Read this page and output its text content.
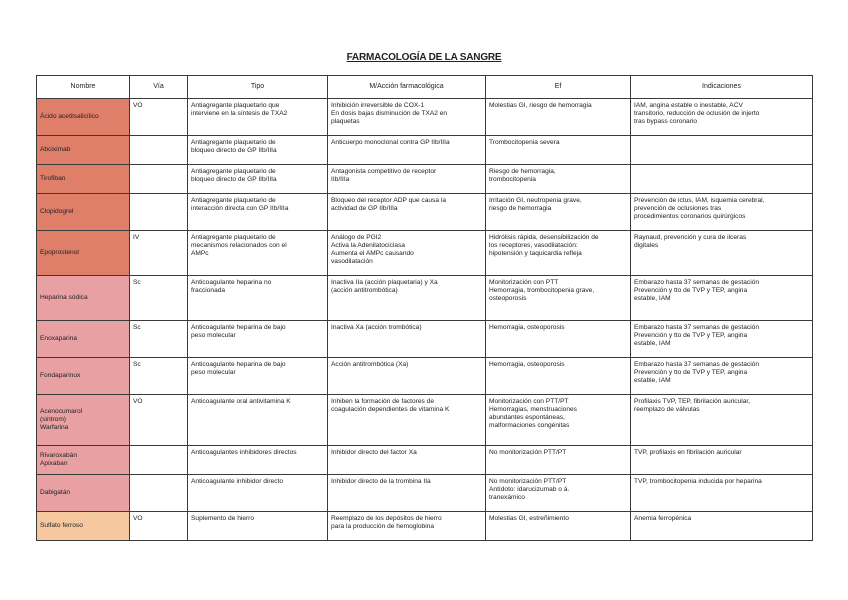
FARMACOLOGÍA DE LA SANGRE
Nombre	Vía	Tipo	M/Acción farmacológica	Ef	Indicaciones

Ácido acetilsalicílico	VO	Antiagregante plaquetario que
interviene en la síntesis de TXA2	Inhibición irreversible de COX-1
En dosis bajas disminución de TXA2 en
plaquetas	Molestias GI, riesgo de hemorragia	IAM, angina estable o inestable, ACV
transitorio, reducción de oclusión de injerto
tras bypass coronario

Abciximab		Antiagregante plaquetario de
bloqueo directo de GP IIb/IIIa	Anticuerpo monoclonal contra GP IIb/IIIa	Trombocitopenia severa	

Tirofiban		Antiagregante plaquetario de
bloqueo directo de GP IIb/IIIa	Antagonista competitivo de receptor
IIb/IIIa	Riesgo de hemorragia,
trombocitopenia	

Clopidogrel		Antiagregante plaquetario de
interacción directa con GP IIb/IIIa	Bloqueo del receptor ADP que causa la
actividad de GP IIb/IIIa	Irritación GI, neutropenia grave,
riesgo de hemorragia	Prevención de ictus, IAM, isquemia cerebral,
prevención de oclusiones tras
procedimientos coronarios quirúrgicos

Epoprostenol	IV	Antiagregante plaquetario de
mecanismos relacionados con el
AMPc	Análogo de PGI2
Activa la Adenilatociclasa
Aumenta el AMPc causando
vasodilatación	Hidrólisis rápida, desensibilización de
los receptores, vasodilatación:
hipotensión y taquicardia refleja	Raynaud, prevención y cura de ilceras
digitales

Heparina sódica	Sc	Anticoagulante heparina no
fraccionada	Inactiva IIa (acción plaquetaria) y Xa
(acción antitrombótica)	Monitorización con PTT
Hemorragia, trombocitopenia grave,
osteoporosis	Embarazo hasta 37 semanas de gestación
Prevención y tto de TVP y TEP, angina
estable, IAM

Enoxaparina	Sc	Anticoagulante heparina de bajo
peso molecular	Inactiva Xa (acción trombótica)	Hemorragia, osteoporosis	Embarazo hasta 37 semanas de gestación
Prevención y tto de TVP y TEP, angina
estable, IAM

Fondaparinux	Sc	Anticoagulante heparina de bajo
peso molecular	Acción antitrombótica (Xa)	Hemorragia, osteoporosis	Embarazo hasta 37 semanas de gestación
Prevención y tto de TVP y TEP, angina
estable, IAM

Acenocumarol
(sintrom)
Warfarina	VO	Anticoagulante oral antivitamina K	Inhiben la formación de factores de
coagulación dependientes de vitamina K	Monitorización con PTT/PT
Hemorragias, menstruaciones
abundantes espontáneas,
malformaciones congénitas	Profilaxis TVP, TEP, fibrilación auricular,
reemplazo de válvulas

Rivaroxabán
Apixaban		Anticoagulantes inhibidores directos	Inhibidor directo del factor Xa	No monitorización PTT/PT	TVP, profilaxis en fibrilación auricular

Dabigatán		Anticoagulante inhibidor directo	Inhibidor directo de la trombina IIa	No monitorización PTT/PT
Antídoto: idarucizumab o á.
tranexámico	TVP, trombocitopenia inducida por heparina

Sulfato ferroso	VO	Suplemento de hierro	Reemplazo de los depósitos de hierro
para la producción de hemoglobina	Molestias GI, estreñimiento	Anemia ferropénica
